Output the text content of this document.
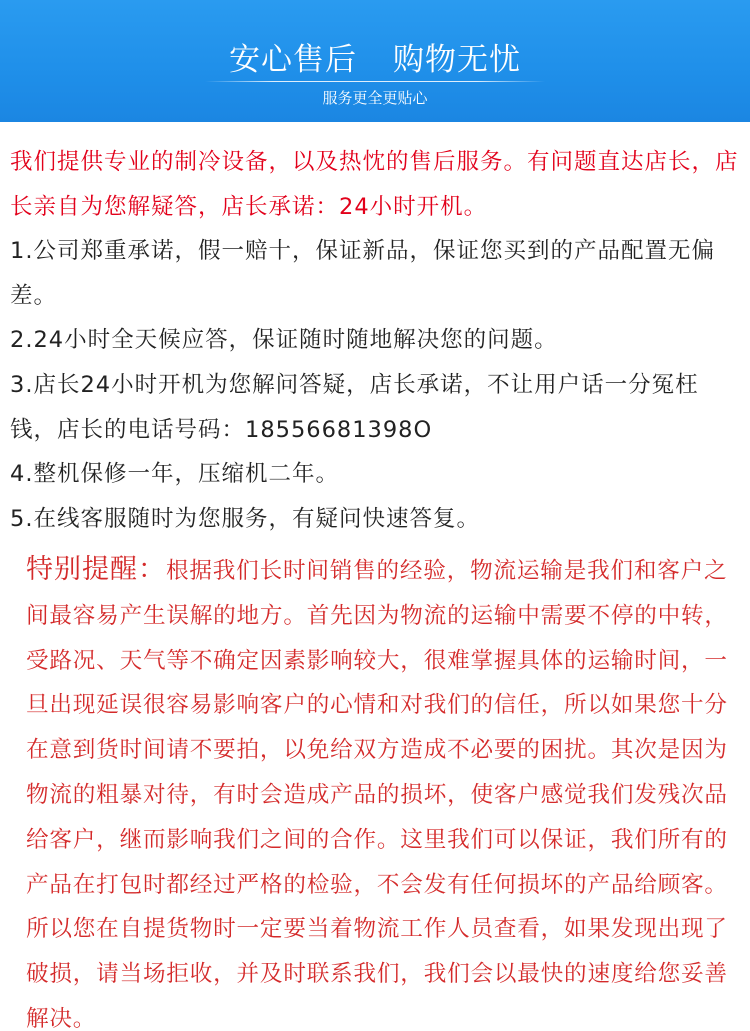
安心售后 购物无忧
服务更全更贴心

我们提供专业的制冷设备，以及热忱的售后服务。有问题直达店长，店长亲自为您解疑答，店长承诺：24小时开机。

1.公司郑重承诺，假一赔十，保证新品，保证您买到的产品配置无偏差。

2.24小时全天候应答，保证随时随地解决您的问题。

3.店长24小时开机为您解问答疑，店长承诺，不让用户话一分冤枉钱，店长的电话号码：18556681398O

4.整机保修一年，压缩机二年。

5.在线客服随时为您服务，有疑问快速答复。

特别提醒：根据我们长时间销售的经验，物流运输是我们和客户之间最容易产生误解的地方。首先因为物流的运输中需要不停的中转，受路况、天气等不确定因素影响较大，很难掌握具体的运输时间，一旦出现延误很容易影响客户的心情和对我们的信任，所以如果您十分在意到货时间请不要拍，以免给双方造成不必要的困扰。其次是因为物流的粗暴对待，有时会造成产品的损坏，使客户感觉我们发残次品给客户，继而影响我们之间的合作。这里我们可以保证，我们所有的产品在打包时都经过严格的检验，不会发有任何损坏的产品给顾客。所以您在自提货物时一定要当着物流工作人员查看，如果发现出现了破损，请当场拒收，并及时联系我们，我们会以最快的速度给您妥善解决。
